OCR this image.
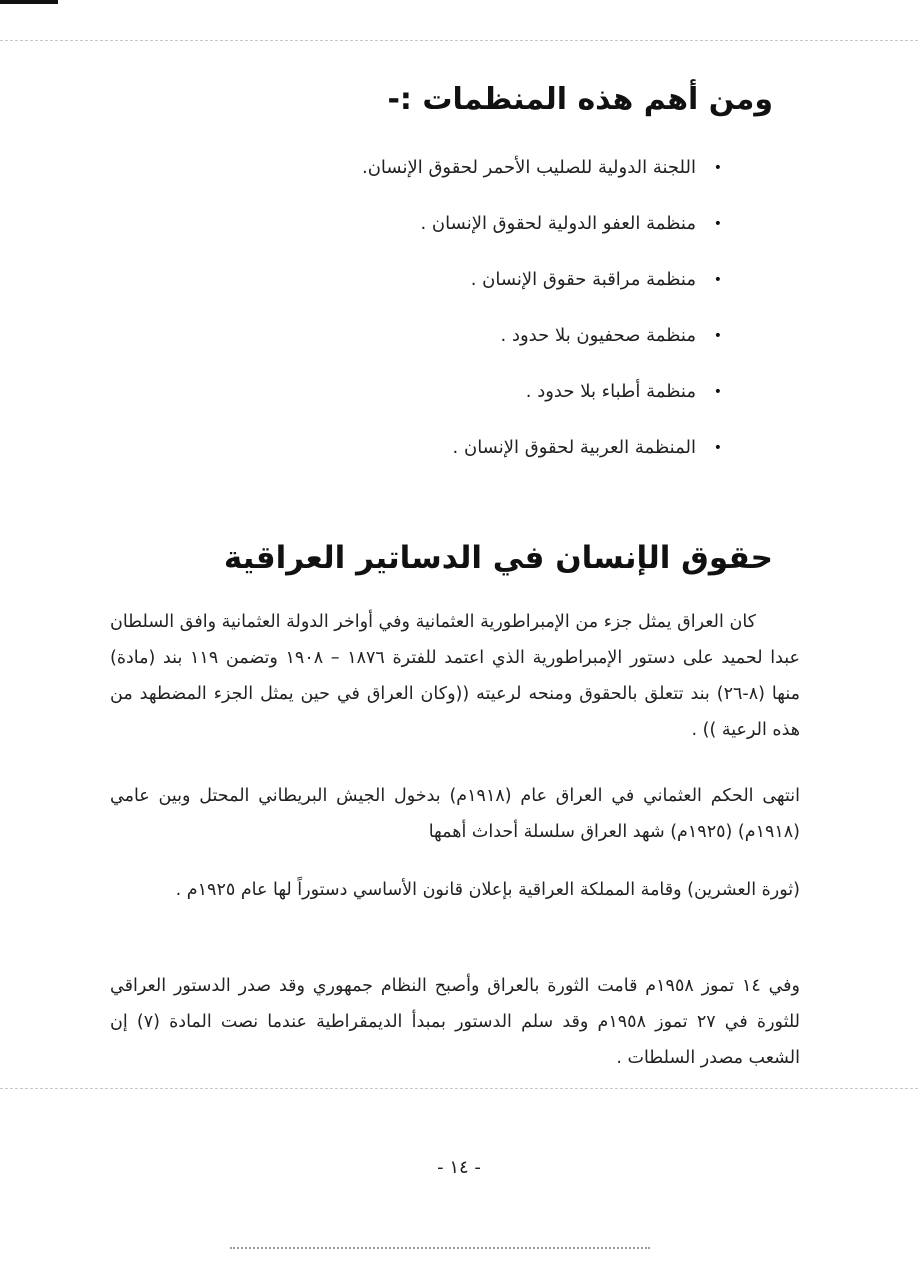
ومن أهم هذه المنظمات :-
•
اللجنة الدولية للصليب الأحمر لحقوق الإنسان.
•
منظمة العفو الدولية لحقوق الإنسان .
•
منظمة مراقبة حقوق الإنسان .
•
منظمة صحفيون بلا حدود .
•
منظمة أطباء بلا حدود .
•
المنظمة العربية لحقوق الإنسان .
حقوق الإنسان في الدساتير العراقية
كان العراق يمثل جزء من الإمبراطورية العثمانية وفي أواخر الدولة العثمانية وافق السلطان عبدا لحميد على دستور الإمبراطورية الذي اعتمد للفترة ١٨٧٦ – ١٩٠٨ وتضمن ١١٩ بند (مادة) منها (٨-٢٦) بند تتعلق بالحقوق ومنحه لرعيته ((وكان العراق في حين يمثل الجزء المضطهد من هذه الرعية )) .
انتهى الحكم العثماني في العراق عام (١٩١٨م) بدخول الجيش البريطاني المحتل وبين عامي (١٩١٨م) (١٩٢٥م) شهد العراق سلسلة أحداث أهمها
(ثورة العشرين) وقامة المملكة العراقية بإعلان قانون الأساسي دستوراً لها عام ١٩٢٥م .
وفي ١٤ تموز ١٩٥٨م قامت الثورة بالعراق وأصبح النظام جمهوري وقد صدر الدستور العراقي للثورة في ٢٧ تموز ١٩٥٨م وقد سلم الدستور بمبدأ الديمقراطية عندما نصت المادة (٧) إن الشعب مصدر السلطات .
- ١٤ -
